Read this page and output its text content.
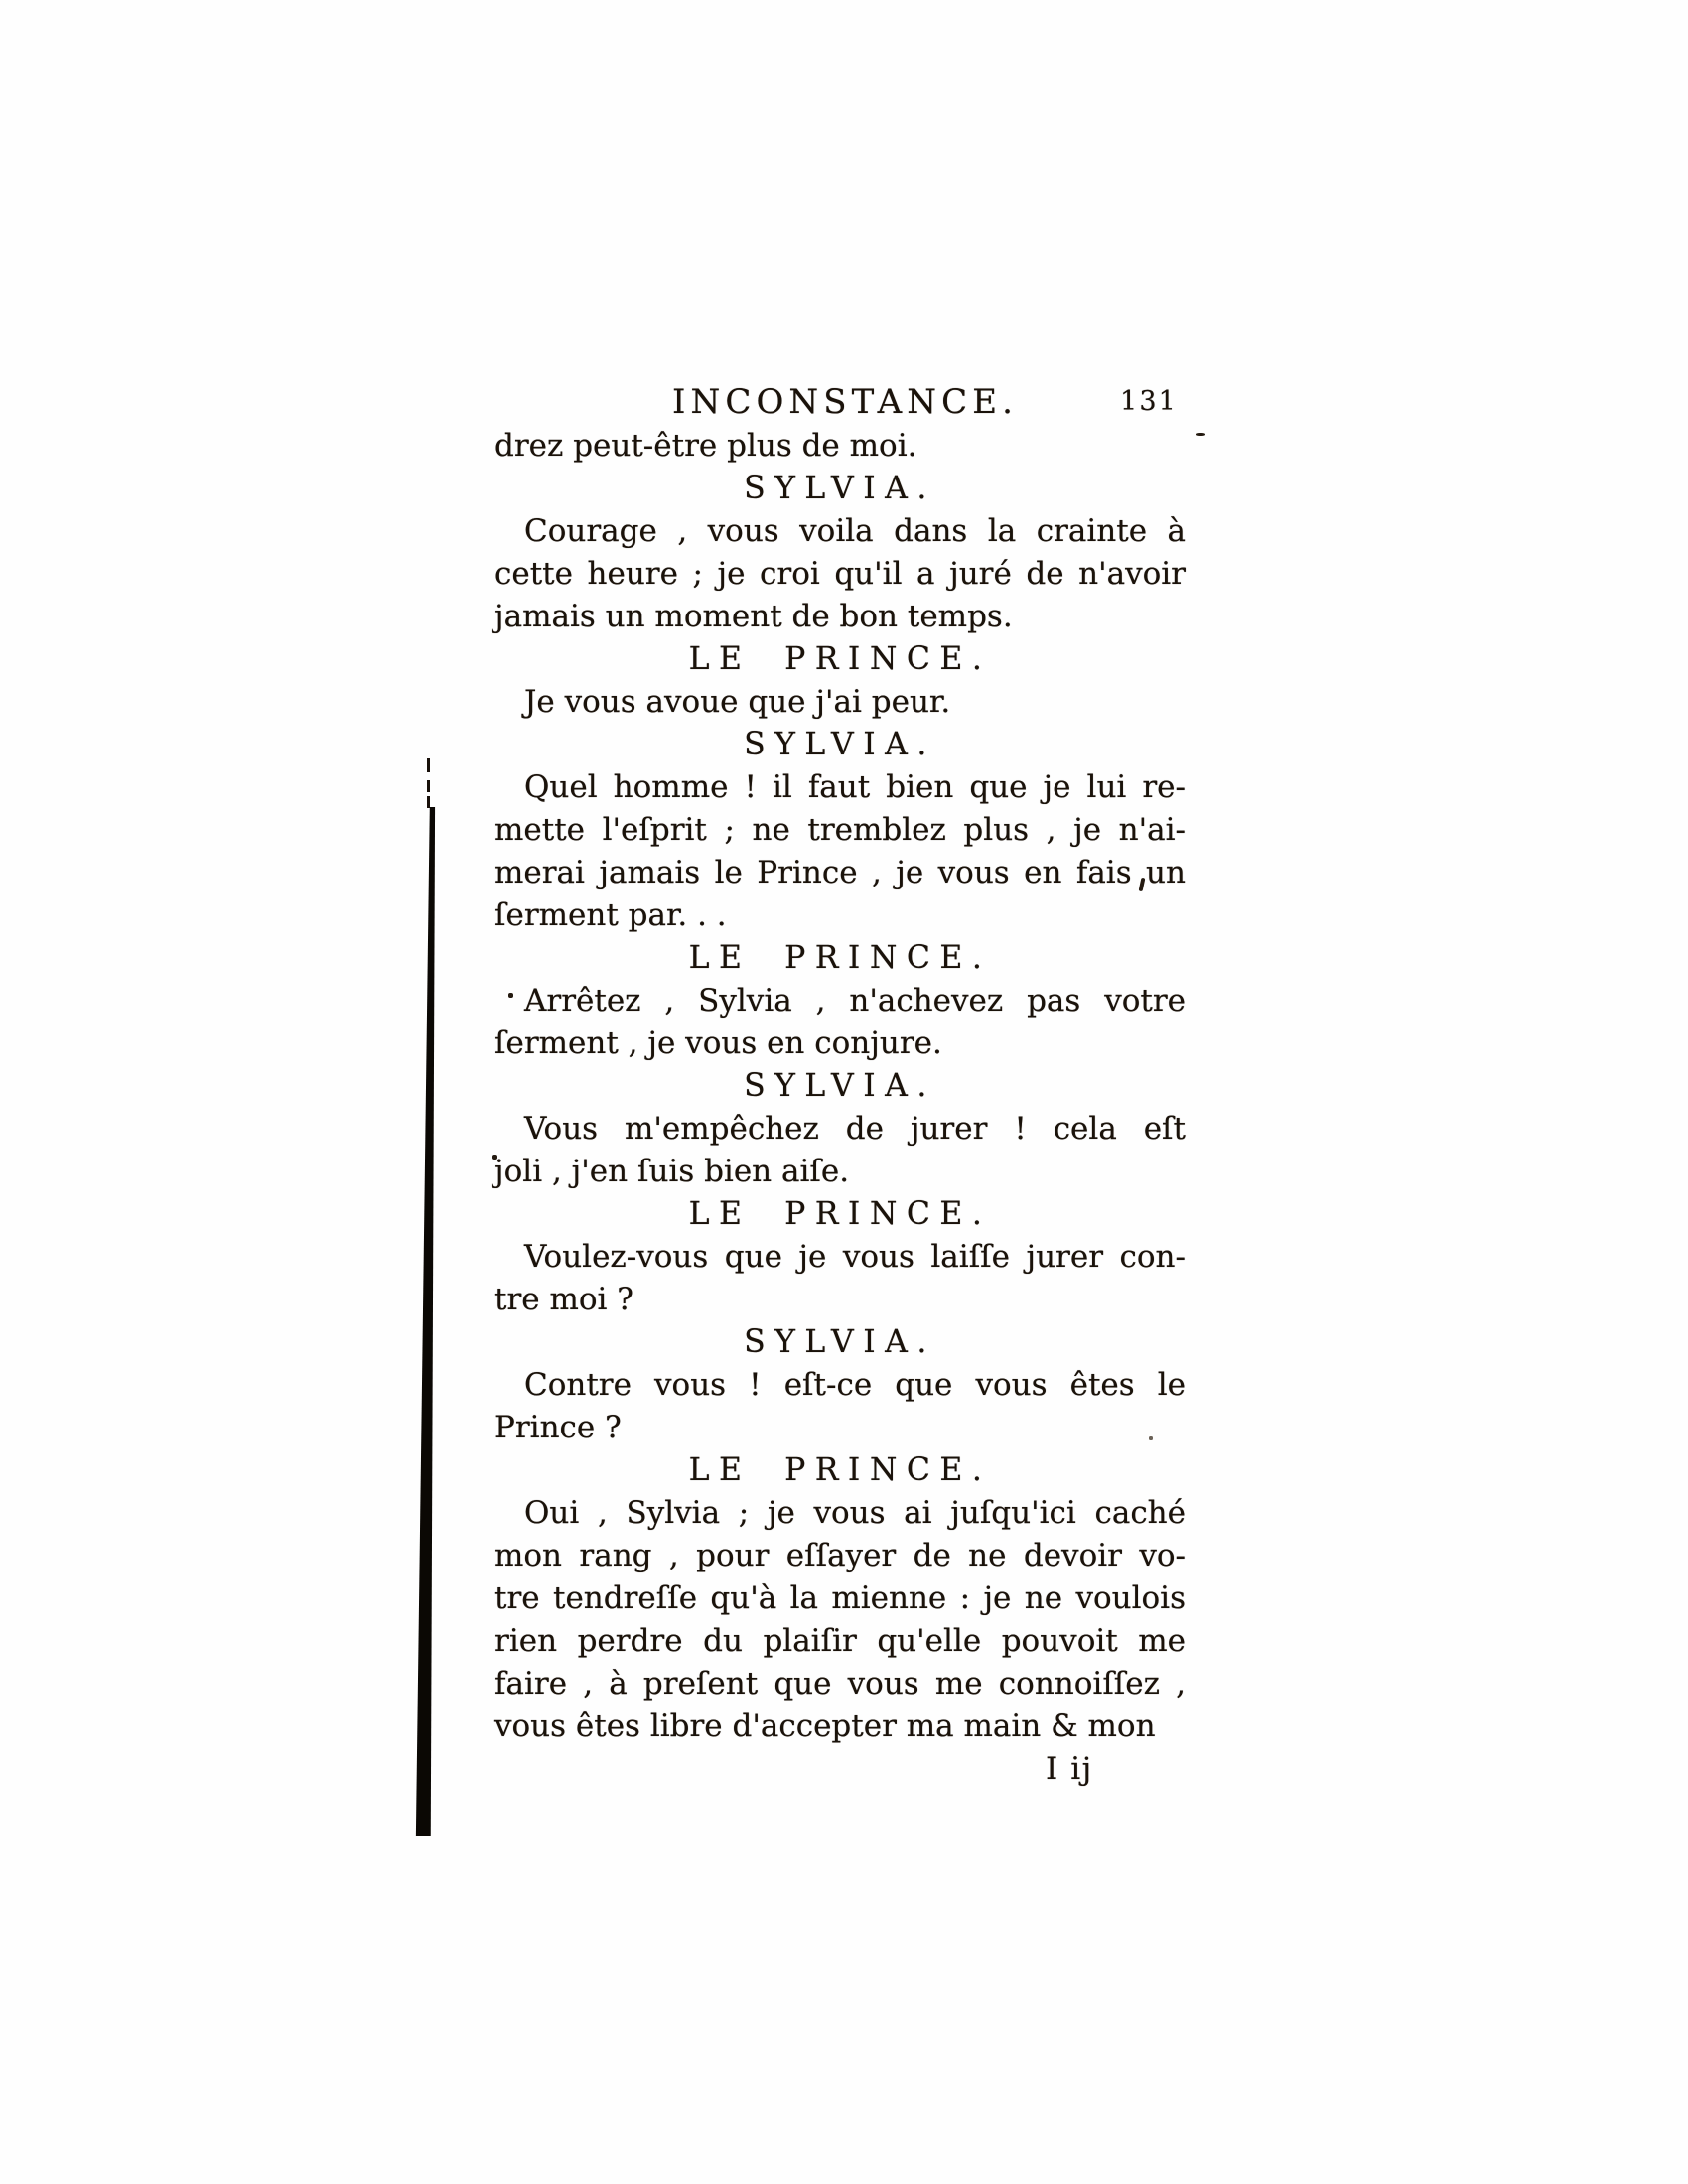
INCONSTANCE.	131
drez peut-être plus de moi.
SYLVIA.
Courage , vous voila dans la crainte à
cette heure ; je croi qu'il a juré de n'avoir
jamais un moment de bon temps.
LE PRINCE.
Je vous avoue que j'ai peur.
SYLVIA.
Quel homme ! il faut bien que je lui re-
mette l'eſprit ; ne tremblez plus , je n'ai-
merai jamais le Prince , je vous en fais un
ſerment par. . .
LE PRINCE.
Arrêtez , Sylvia , n'achevez pas votre
ſerment , je vous en conjure.
SYLVIA.
Vous m'empêchez de jurer ! cela eſt
joli , j'en ſuis bien aiſe.
LE PRINCE.
Voulez-vous que je vous laiſſe jurer con-
tre moi ?
SYLVIA.
Contre vous ! eſt-ce que vous êtes le
Prince ?
LE PRINCE.
Oui , Sylvia ; je vous ai juſqu'ici caché
mon rang , pour eſſayer de ne devoir vo-
tre tendreſſe qu'à la mienne : je ne voulois
rien perdre du plaiſir qu'elle pouvoit me
faire , à preſent que vous me connoiſſez ,
vous êtes libre d'accepter ma main & mon
I ij
